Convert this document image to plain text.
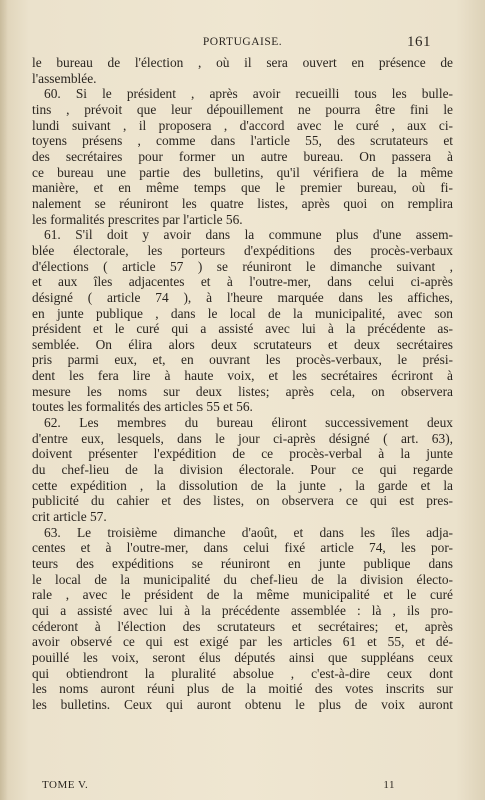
PORTUGAISE.	161
le bureau de l'élection , où il sera ouvert en présence de
l'assemblée.
60. Si le président , après avoir recueilli tous les bulle-
tins , prévoit que leur dépouillement ne pourra être fini le
lundi suivant , il proposera , d'accord avec le curé , aux ci-
toyens présens , comme dans l'article 55, des scrutateurs et
des secrétaires pour former un autre bureau. On passera à
ce bureau une partie des bulletins, qu'il vérifiera de la même
manière, et en même temps que le premier bureau, où fi-
nalement se réuniront les quatre listes, après quoi on remplira
les formalités prescrites par l'article 56.
61. S'il doit y avoir dans la commune plus d'une assem-
blée électorale, les porteurs d'expéditions des procès-verbaux
d'élections ( article 57 ) se réuniront le dimanche suivant ,
et aux îles adjacentes et à l'outre-mer, dans celui ci-après
désigné ( article 74 ), à l'heure marquée dans les affiches,
en junte publique , dans le local de la municipalité, avec son
président et le curé qui a assisté avec lui à la précédente as-
semblée. On élira alors deux scrutateurs et deux secrétaires
pris parmi eux, et, en ouvrant les procès-verbaux, le prési-
dent les fera lire à haute voix, et les secrétaires écriront à
mesure les noms sur deux listes; après cela, on observera
toutes les formalités des articles 55 et 56.
62. Les membres du bureau éliront successivement deux
d'entre eux, lesquels, dans le jour ci-après désigné ( art. 63),
doivent présenter l'expédition de ce procès-verbal à la junte
du chef-lieu de la division électorale. Pour ce qui regarde
cette expédition , la dissolution de la junte , la garde et la
publicité du cahier et des listes, on observera ce qui est pres-
crit article 57.
63. Le troisième dimanche d'août, et dans les îles adja-
centes et à l'outre-mer, dans celui fixé article 74, les por-
teurs des expéditions se réuniront en junte publique dans
le local de la municipalité du chef-lieu de la division électo-
rale , avec le président de la même municipalité et le curé
qui a assisté avec lui à la précédente assemblée : là , ils pro-
céderont à l'élection des scrutateurs et secrétaires; et, après
avoir observé ce qui est exigé par les articles 61 et 55, et dé-
pouillé les voix, seront élus députés ainsi que suppléans ceux
qui obtiendront la pluralité absolue , c'est-à-dire ceux dont
les noms auront réuni plus de la moitié des votes inscrits sur
les bulletins. Ceux qui auront obtenu le plus de voix auront
TOME V.	11
